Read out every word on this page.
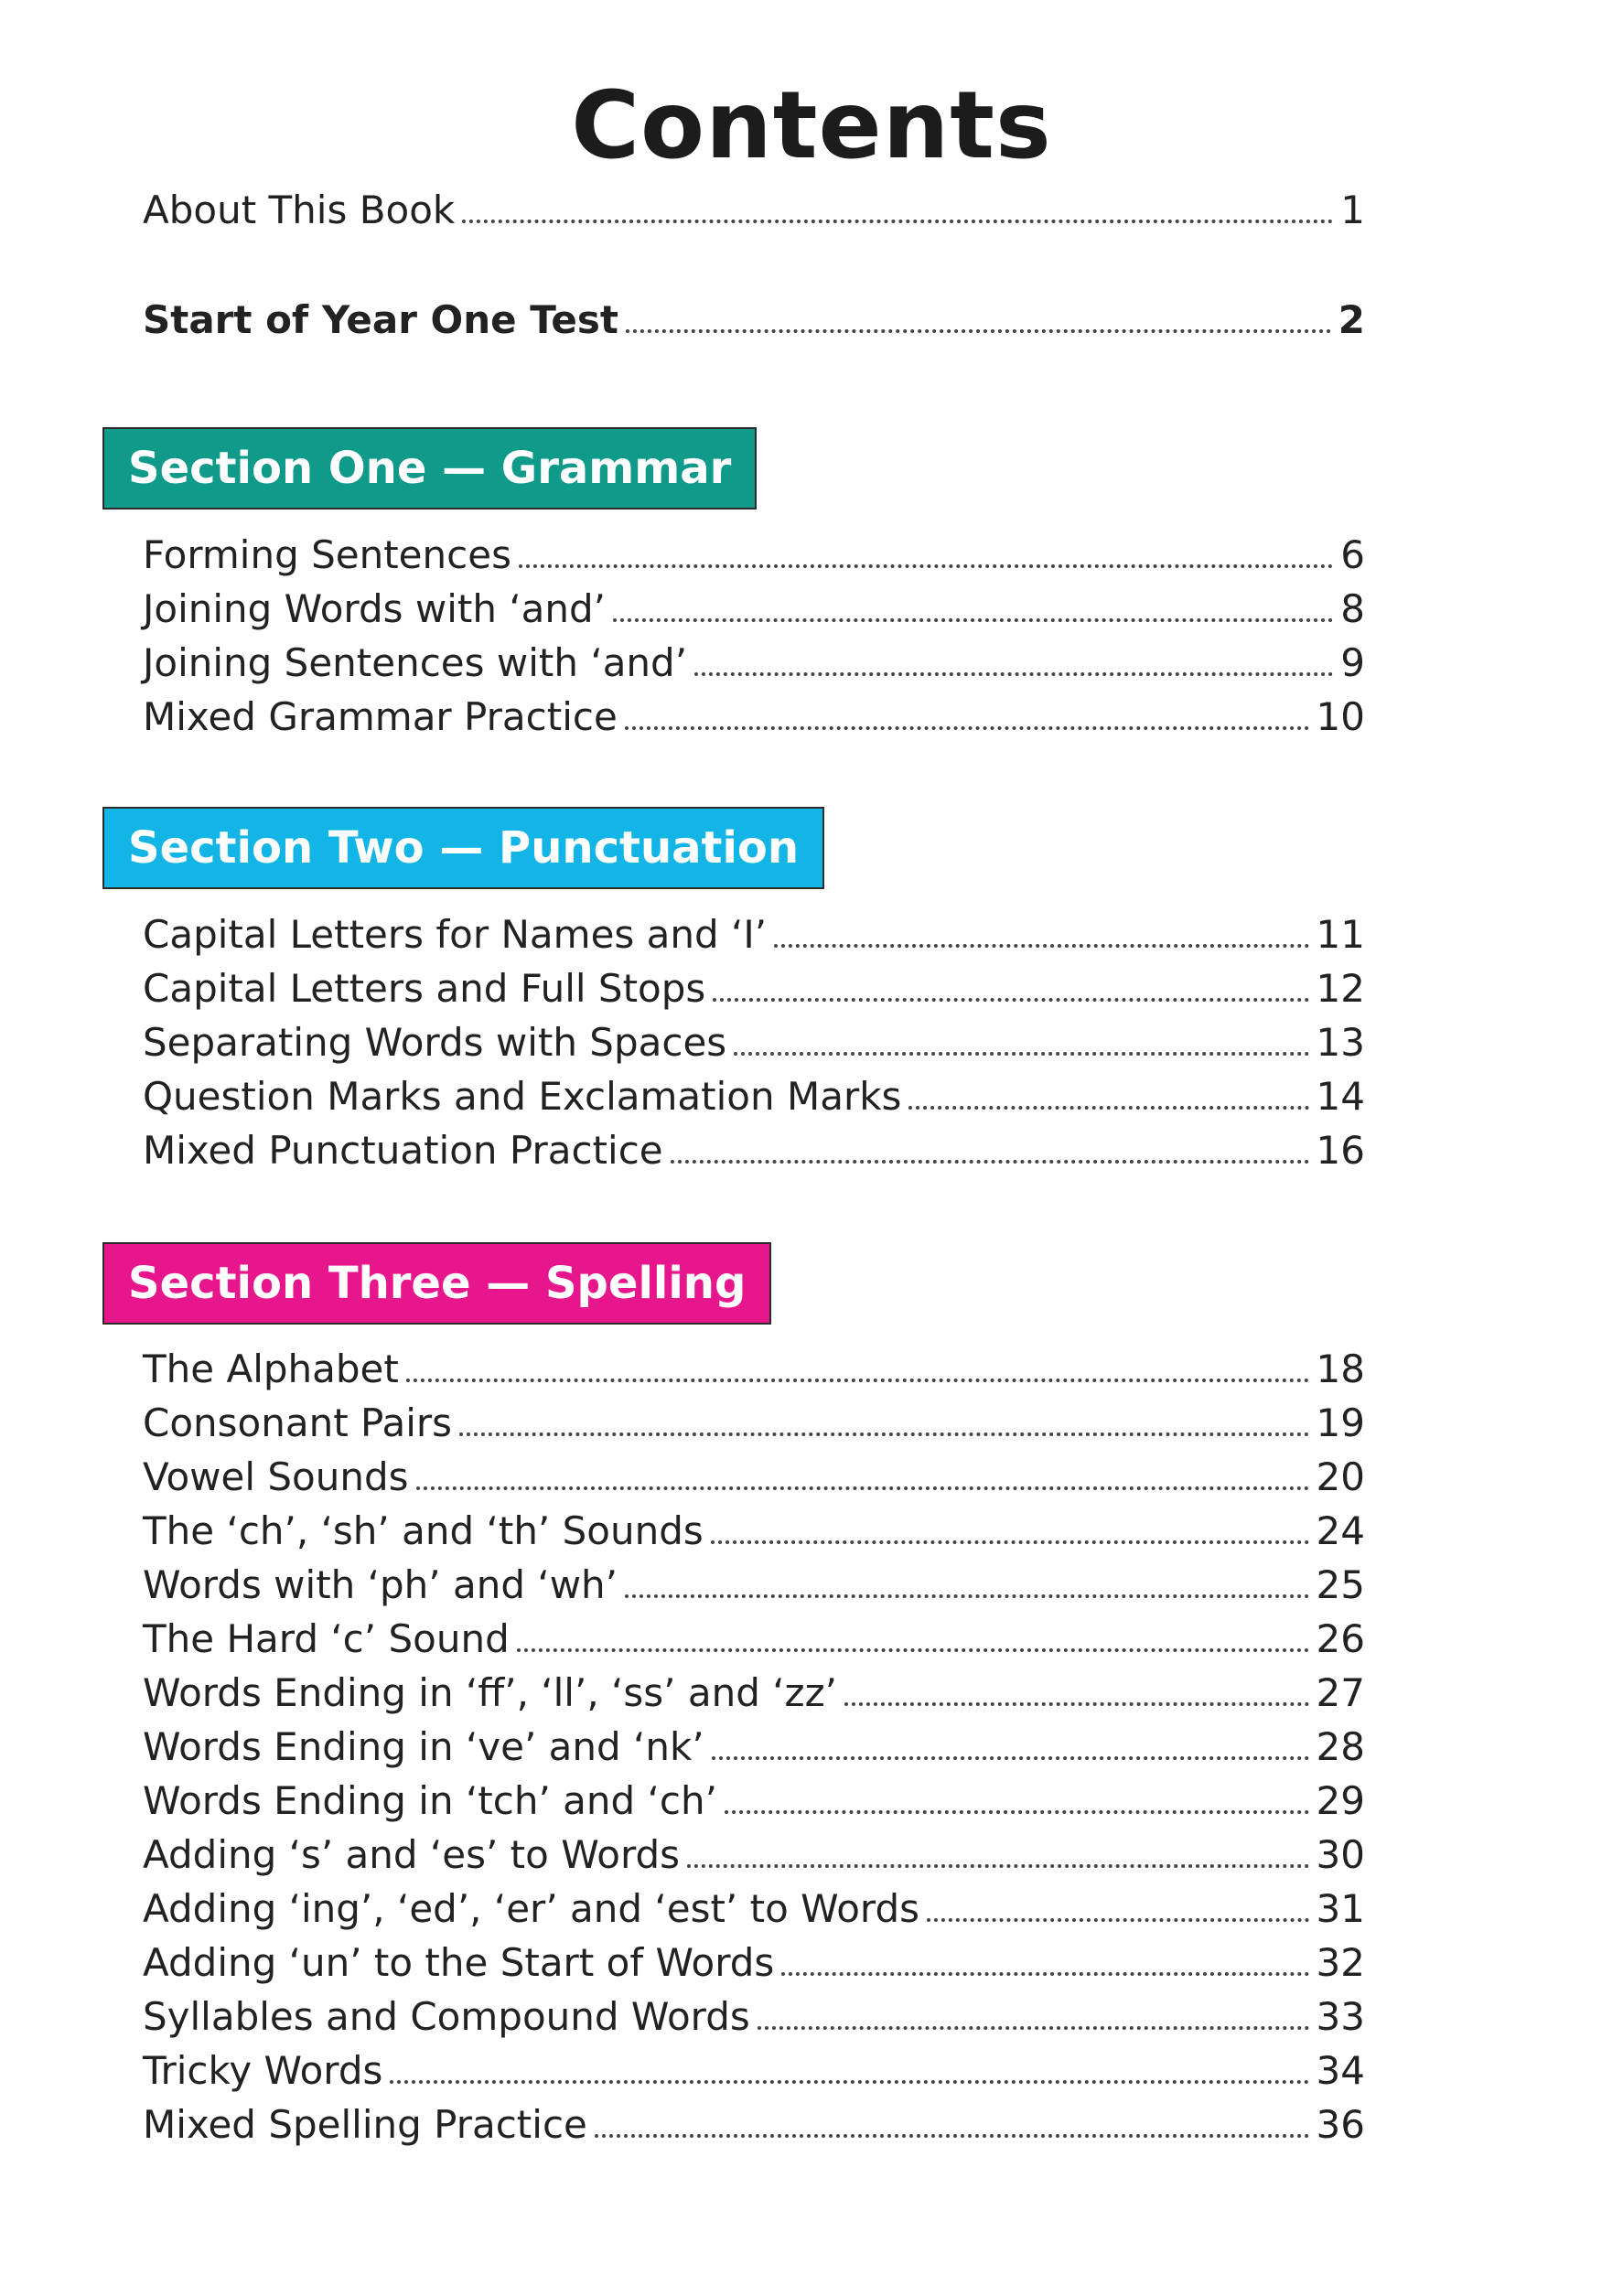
Contents
About This Book	1
Start of Year One Test	2
Section One — Grammar
Forming Sentences	6
Joining Words with ‘and’	8
Joining Sentences with ‘and’	9
Mixed Grammar Practice	10
Section Two — Punctuation
Capital Letters for Names and ‘I’	11
Capital Letters and Full Stops	12
Separating Words with Spaces	13
Question Marks and Exclamation Marks	14
Mixed Punctuation Practice	16
Section Three — Spelling
The Alphabet	18
Consonant Pairs	19
Vowel Sounds	20
The ‘ch’, ‘sh’ and ‘th’ Sounds	24
Words with ‘ph’ and ‘wh’	25
The Hard ‘c’ Sound	26
Words Ending in ‘ff’, ‘ll’, ‘ss’ and ‘zz’	27
Words Ending in ‘ve’ and ‘nk’	28
Words Ending in ‘tch’ and ‘ch’	29
Adding ‘s’ and ‘es’ to Words	30
Adding ‘ing’, ‘ed’, ‘er’ and ‘est’ to Words	31
Adding ‘un’ to the Start of Words	32
Syllables and Compound Words	33
Tricky Words	34
Mixed Spelling Practice	36
